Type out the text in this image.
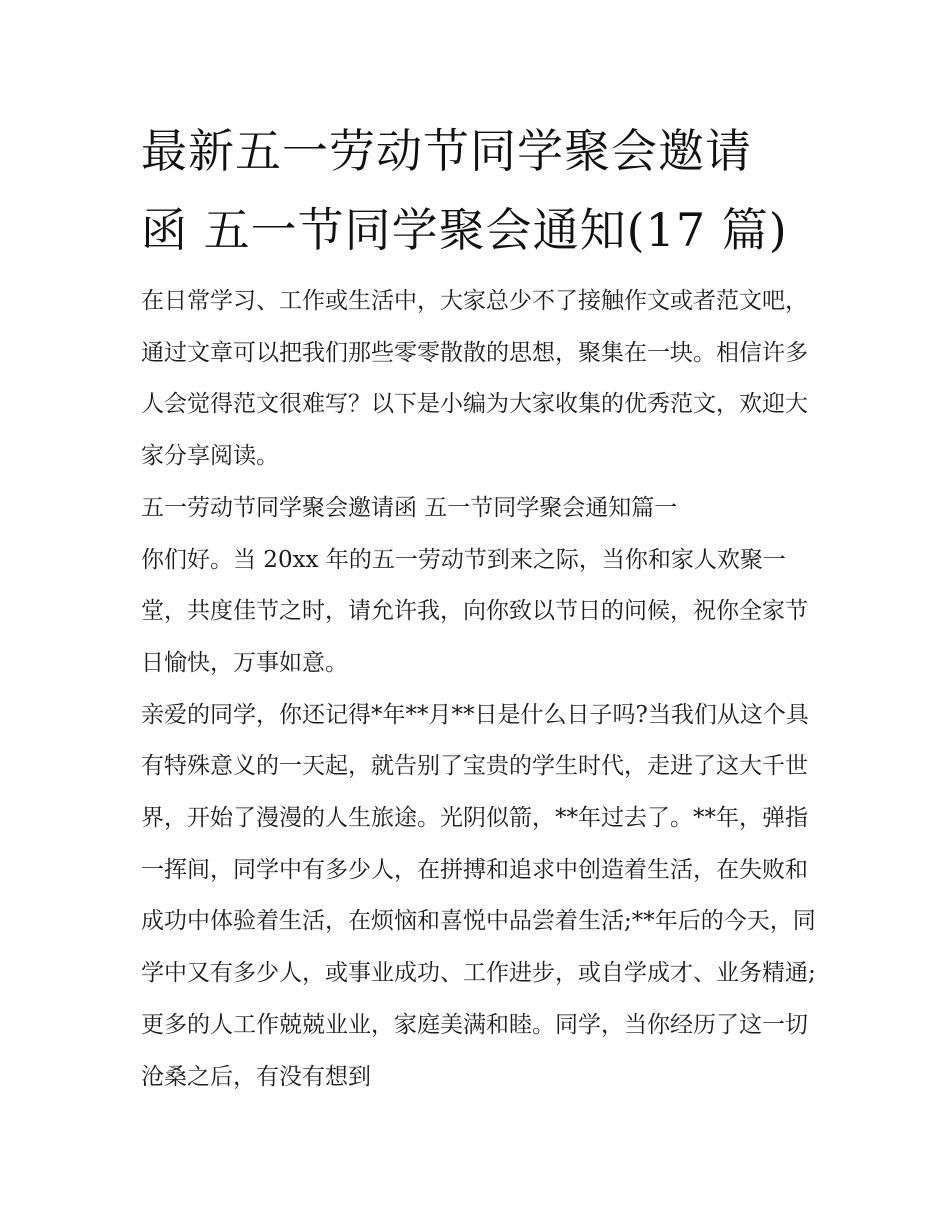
最新五一劳动节同学聚会邀请
函 五一节同学聚会通知(17 篇)

在日常学习、工作或生活中，大家总少不了接触作文或者范文吧，通过文章可以把我们那些零零散散的思想，聚集在一块。相信许多人会觉得范文很难写？以下是小编为大家收集的优秀范文，欢迎大家分享阅读。

五一劳动节同学聚会邀请函 五一节同学聚会通知篇一

你们好。当 20xx 年的五一劳动节到来之际，当你和家人欢聚一堂，共度佳节之时，请允许我，向你致以节日的问候，祝你全家节日愉快，万事如意。

亲爱的同学，你还记得*年**月**日是什么日子吗?当我们从这个具有特殊意义的一天起，就告别了宝贵的学生时代，走进了这大千世界，开始了漫漫的人生旅途。光阴似箭，**年过去了。**年，弹指一挥间，同学中有多少人，在拼搏和追求中创造着生活，在失败和成功中体验着生活，在烦恼和喜悦中品尝着生活;**年后的今天，同学中又有多少人，或事业成功、工作进步，或自学成才、业务精通;更多的人工作兢兢业业，家庭美满和睦。同学，当你经历了这一切沧桑之后，有没有想到
